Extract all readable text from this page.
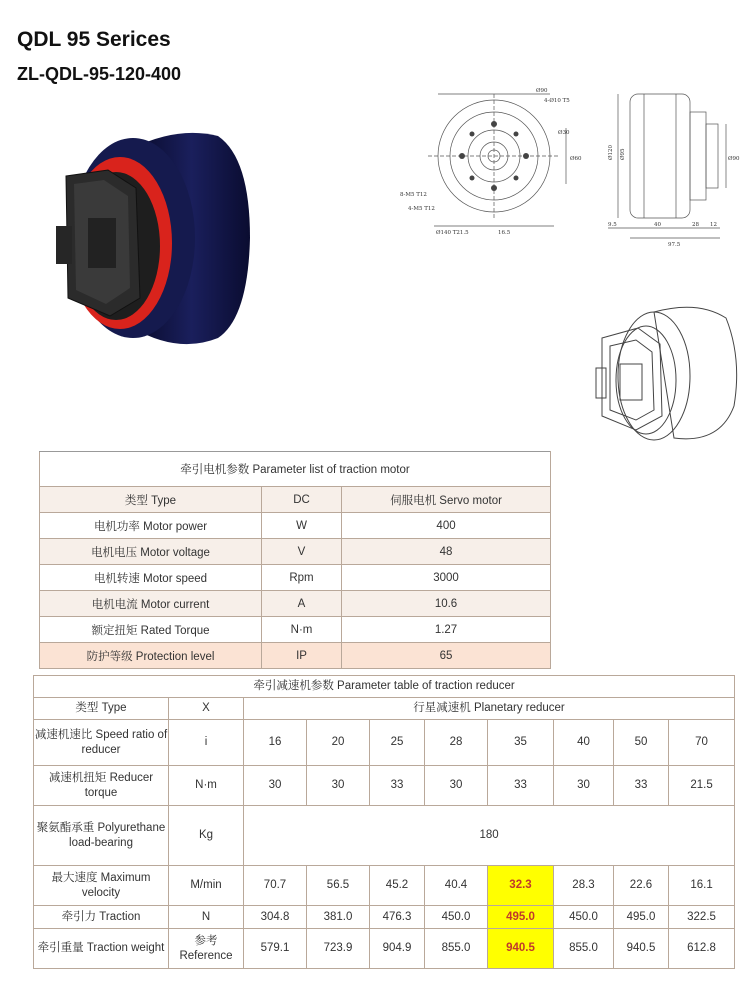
QDL 95 Serices
ZL-QDL-95-120-400
Ø90
4-Ø10 T5
Ø30
Ø60
8-M5 T12
4-M5 T12
Ø140 T21.5	16.5
Ø120 Ø95	Ø90
9.5	40	28 12
97.5
牵引电机参数 Parameter list of traction motor		
类型 Type	DC	伺服电机 Servo motor
电机功率 Motor power	W	400
电机电压 Motor voltage	V	48
电机转速 Motor speed	Rpm	3000
电机电流 Motor current	A	10.6
额定扭矩 Rated Torque	N·m	1.27
防护等级 Protection level	IP	65
牵引减速机参数 Parameter table of traction reducer									
类型 Type	X	行星减速机 Planetary reducer							
减速机速比 Speed ratio of reducer	i	16	20	25	28	35	40	50	70
减速机扭矩 Reducer torque	N·m	30	30	33	30	33	30	33	21.5
聚氨酯承重 Polyurethane load-bearing	Kg	180							
最大速度 Maximum velocity	M/min	70.7	56.5	45.2	40.4	32.3	28.3	22.6	16.1
牵引力 Traction	N	304.8	381.0	476.3	450.0	495.0	450.0	495.0	322.5
牵引重量 Traction weight	参考 Reference	579.1	723.9	904.9	855.0	940.5	855.0	940.5	612.8
